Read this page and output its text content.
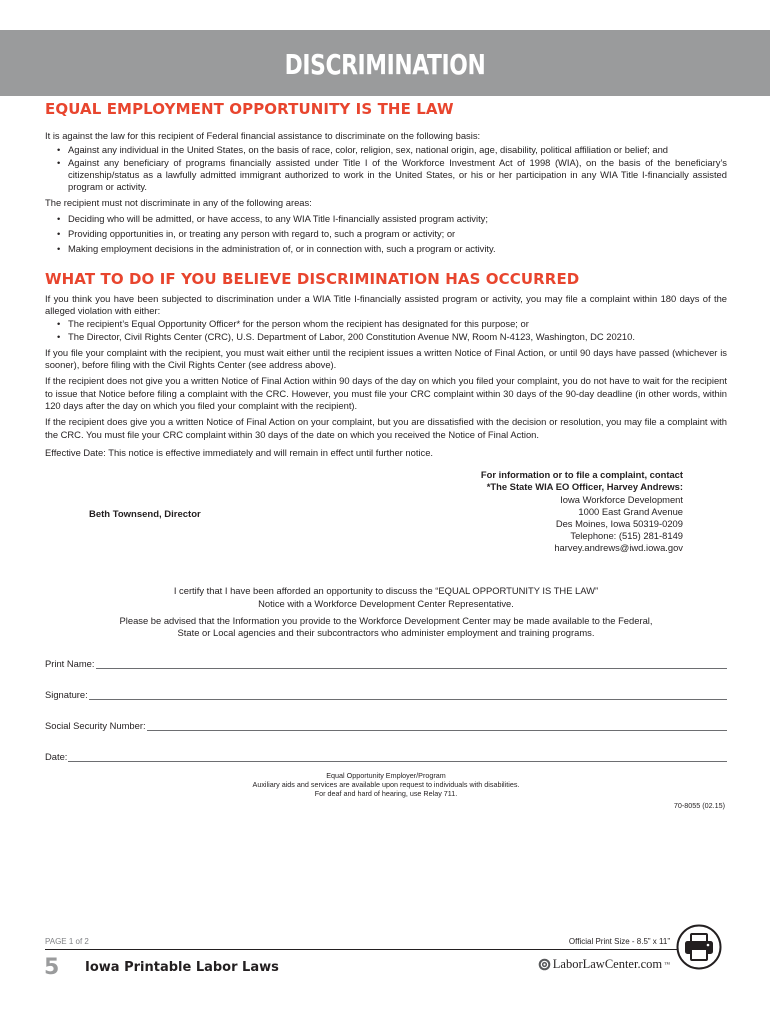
DISCRIMINATION
EQUAL EMPLOYMENT OPPORTUNITY IS THE LAW

It is against the law for this recipient of Federal financial assistance to discriminate on the following basis:

• Against any individual in the United States, on the basis of race, color, religion, sex, national origin, age, disability, political affiliation or belief; and
• Against any beneficiary of programs financially assisted under Title I of the Workforce Investment Act of 1998 (WIA), on the basis of the beneficiary’s citizenship/status as a lawfully admitted immigrant authorized to work in the United States, or his or her participation in any WIA Title I-financially assisted program or activity.

The recipient must not discriminate in any of the following areas:

• Deciding who will be admitted, or have access, to any WIA Title I-financially assisted program activity;
• Providing opportunities in, or treating any person with regard to, such a program or activity; or
• Making employment decisions in the administration of, or in connection with, such a program or activity.
WHAT TO DO IF YOU BELIEVE DISCRIMINATION HAS OCCURRED

If you think you have been subjected to discrimination under a WIA Title I-financially assisted program or activity, you may file a complaint within 180 days of the alleged violation with either:

• The recipient’s Equal Opportunity Officer* for the person whom the recipient has designated for this purpose; or
• The Director, Civil Rights Center (CRC), U.S. Department of Labor, 200 Constitution Avenue NW, Room N-4123, Washington, DC 20210.

If you file your complaint with the recipient, you must wait either until the recipient issues a written Notice of Final Action, or until 90 days have passed (whichever is sooner), before filing with the Civil Rights Center (see address above).

If the recipient does not give you a written Notice of Final Action within 90 days of the day on which you filed your complaint, you do not have to wait for the recipient to issue that Notice before filing a complaint with the CRC. However, you must file your CRC complaint within 30 days of the 90-day deadline (in other words, within 120 days after the day on which you filed your complaint with the recipient).

If the recipient does give you a written Notice of Final Action on your complaint, but you are dissatisfied with the decision or resolution, you may file a complaint with the CRC. You must file your CRC complaint within 30 days of the date on which you received the Notice of Final Action.

Effective Date: This notice is effective immediately and will remain in effect until further notice.

Beth Townsend, Director
For information or to file a complaint, contact
*The State WIA EO Officer, Harvey Andrews:
Iowa Workforce Development
1000 East Grand Avenue
Des Moines, Iowa 50319-0209
Telephone: (515) 281-8149
harvey.andrews@iwd.iowa.gov
I certify that I have been afforded an opportunity to discuss the “EQUAL OPPORTUNITY IS THE LAW”
Notice with a Workforce Development Center Representative.
Please be advised that the Information you provide to the Workforce Development Center may be made available to the Federal,
State or Local agencies and their subcontractors who administer employment and training programs.
Print Name:
Signature:
Social Security Number:
Date:
Equal Opportunity Employer/Program
Auxiliary aids and services are available upon request to individuals with disabilities.
For deaf and hard of hearing, use Relay 711.
70-8055 (02.15)
PAGE 1 of 2	Official Print Size - 8.5” x 11”
5 Iowa Printable Labor Laws	LaborLawCenter.com ™
